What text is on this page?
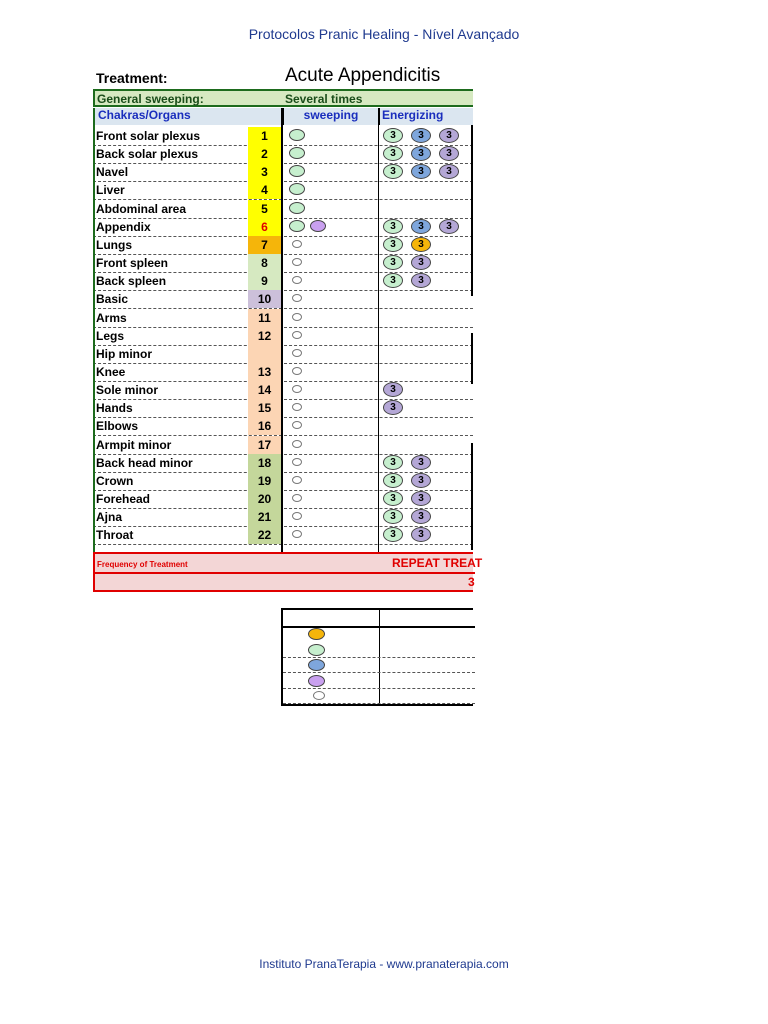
Protocolos Pranic Healing - Nível Avançado
Treatment:	Acute Appendicitis
General sweeping:	Several times
Chakras/Organs	sweeping	Energizing
Front solar plexus	1	3	3	3
Back solar plexus	2	3	3	3
Navel	3	3	3	3
Liver	4
Abdominal area	5
Appendix	6	3	3	3
Lungs	7	3	3
Front spleen	8	3	3
Back spleen	9	3	3
Basic	10
Arms	11
Legs	12
Hip minor
Knee	13
Sole minor	14	3
Hands	15	3
Elbows	16
Armpit minor	17
Back head minor	18	3	3
Crown	19	3	3
Forehead	20	3	3
Ajna	21	3	3
Throat	22	3	3
Frequency of Treatment	REPEAT TREAT
3
Instituto PranaTerapia - www.pranaterapia.com
